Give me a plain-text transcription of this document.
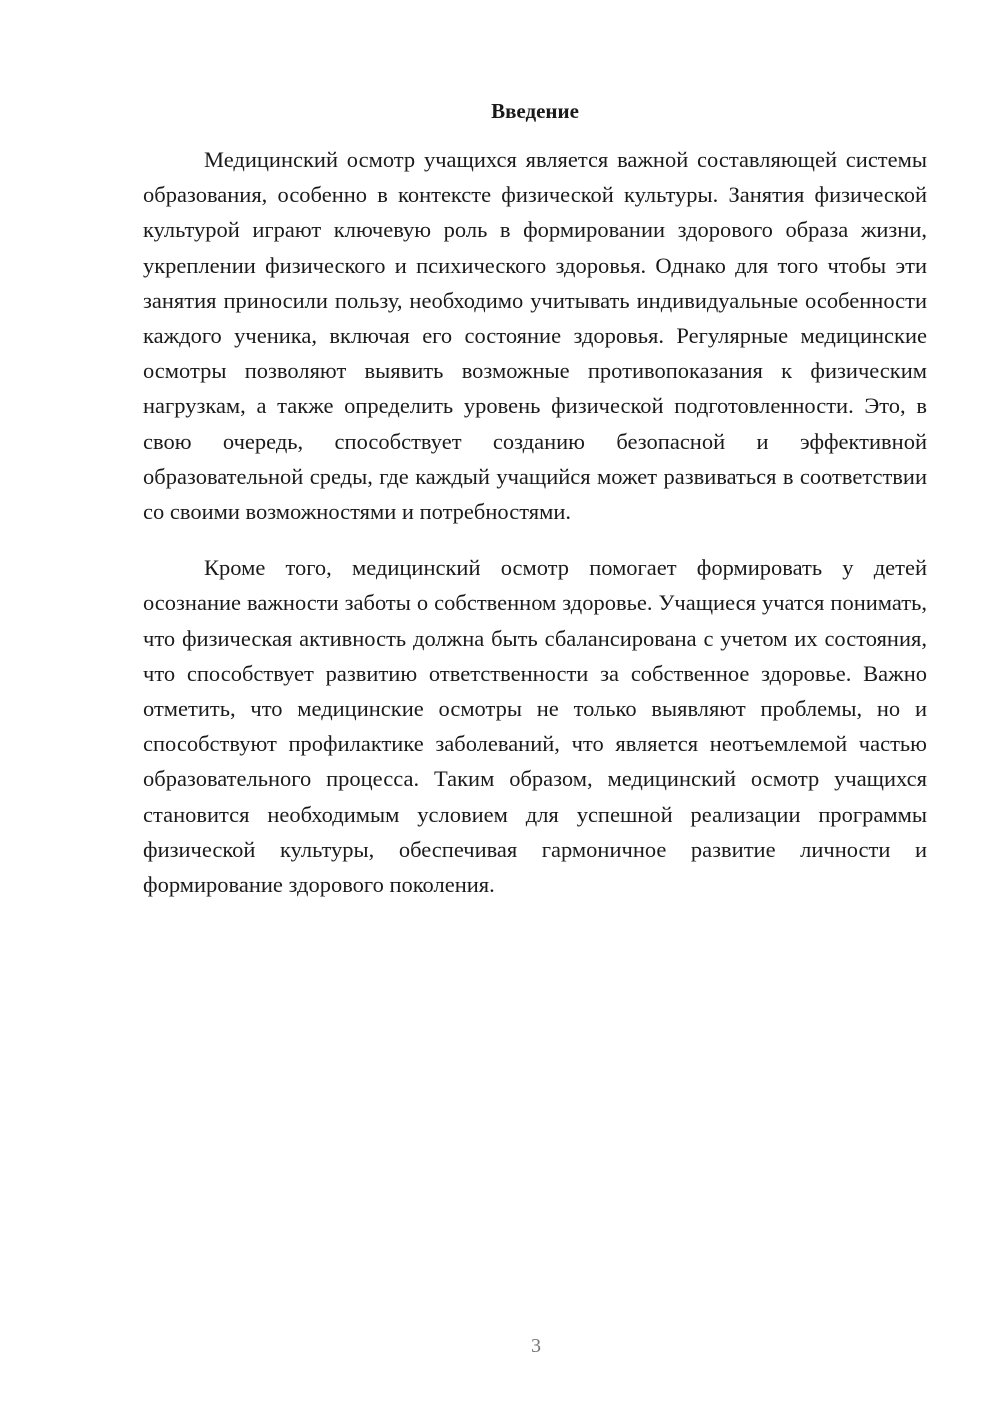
Введение

Медицинский осмотр учащихся является важной составляющей системы образования, особенно в контексте физической культуры. Занятия физической культурой играют ключевую роль в формировании здорового образа жизни, укреплении физического и психического здоровья. Однако для того чтобы эти занятия приносили пользу, необходимо учитывать индивидуальные особенности каждого ученика, включая его состояние здоровья. Регулярные медицинские осмотры позволяют выявить возможные противопоказания к физическим нагрузкам, а также определить уровень физической подготовленности. Это, в свою очередь, способствует созданию безопасной и эффективной образовательной среды, где каждый учащийся может развиваться в соответствии со своими возможностями и потребностями.

Кроме того, медицинский осмотр помогает формировать у детей осознание важности заботы о собственном здоровье. Учащиеся учатся понимать, что физическая активность должна быть сбалансирована с учетом их состояния, что способствует развитию ответственности за собственное здоровье. Важно отметить, что медицинские осмотры не только выявляют проблемы, но и способствуют профилактике заболеваний, что является неотъемлемой частью образовательного процесса. Таким образом, медицинский осмотр учащихся становится необходимым условием для успешной реализации программы физической культуры, обеспечивая гармоничное развитие личности и формирование здорового поколения.

3
